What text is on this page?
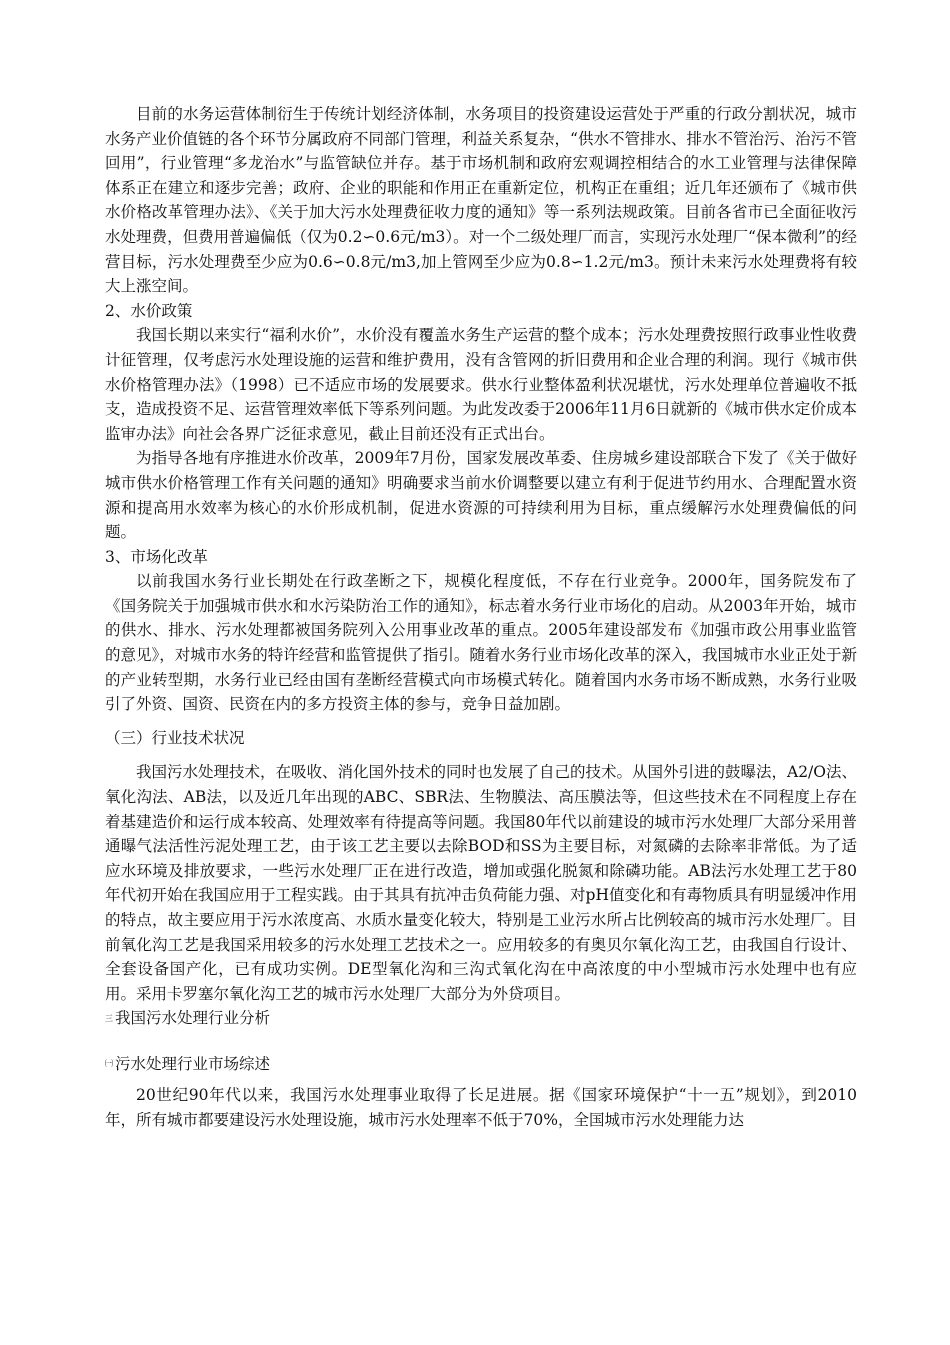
目前的水务运营体制衍生于传统计划经济体制，水务项目的投资建设运营处于严重的行政分割状况，城市水务产业价值链的各个环节分属政府不同部门管理，利益关系复杂，“供水不管排水、排水不管治污、治污不管回用”，行业管理“多龙治水”与监管缺位并存。基于市场机制和政府宏观调控相结合的水工业管理与法律保障体系正在建立和逐步完善；政府、企业的职能和作用正在重新定位，机构正在重组；近几年还颁布了《城市供水价格改革管理办法》、《关于加大污水处理费征收力度的通知》等一系列法规政策。目前各省市已全面征收污水处理费，但费用普遍偏低（仅为0.2∽0.6元/m3）。对一个二级处理厂而言，实现污水处理厂“保本微利”的经营目标，污水处理费至少应为0.6∽0.8元/m3,加上管网至少应为0.8∽1.2元/m3。预计未来污水处理费将有较大上涨空间。

2、水价政策

我国长期以来实行“福利水价”，水价没有覆盖水务生产运营的整个成本；污水处理费按照行政事业性收费计征管理，仅考虑污水处理设施的运营和维护费用，没有含管网的折旧费用和企业合理的利润。现行《城市供水价格管理办法》（1998）已不适应市场的发展要求。供水行业整体盈利状况堪忧，污水处理单位普遍收不抵支，造成投资不足、运营管理效率低下等系列问题。为此发改委于2006年11月6日就新的《城市供水定价成本监审办法》向社会各界广泛征求意见，截止目前还没有正式出台。

为指导各地有序推进水价改革，2009年7月份，国家发展改革委、住房城乡建设部联合下发了《关于做好城市供水价格管理工作有关问题的通知》明确要求当前水价调整要以建立有利于促进节约用水、合理配置水资源和提高用水效率为核心的水价形成机制，促进水资源的可持续利用为目标，重点缓解污水处理费偏低的问题。

3、市场化改革

以前我国水务行业长期处在行政垄断之下，规模化程度低，不存在行业竞争。2000年，国务院发布了《国务院关于加强城市供水和水污染防治工作的通知》，标志着水务行业市场化的启动。从2003年开始，城市的供水、排水、污水处理都被国务院列入公用事业改革的重点。2005年建设部发布《加强市政公用事业监管的意见》，对城市水务的特许经营和监管提供了指引。随着水务行业市场化改革的深入，我国城市水业正处于新的产业转型期，水务行业已经由国有垄断经营模式向市场模式转化。随着国内水务市场不断成熟，水务行业吸引了外资、国资、民资在内的多方投资主体的参与，竞争日益加剧。

（三）行业技术状况

我国污水处理技术，在吸收、消化国外技术的同时也发展了自己的技术。从国外引进的鼓曝法，A2/O法、氧化沟法、AB法，以及近几年出现的ABC、SBR法、生物膜法、高压膜法等，但这些技术在不同程度上存在着基建造价和运行成本较高、处理效率有待提高等问题。我国80年代以前建设的城市污水处理厂大部分采用普通曝气法活性污泥处理工艺，由于该工艺主要以去除BOD和SS为主要目标，对氮磷的去除率非常低。为了适应水环境及排放要求，一些污水处理厂正在进行改造，增加或强化脱氮和除磷功能。AB法污水处理工艺于80年代初开始在我国应用于工程实践。由于其具有抗冲击负荷能力强、对pH值变化和有毒物质具有明显缓冲作用的特点，故主要应用于污水浓度高、水质水量变化较大，特别是工业污水所占比例较高的城市污水处理厂。目前氧化沟工艺是我国采用较多的污水处理工艺技术之一。应用较多的有奥贝尔氧化沟工艺，由我国自行设计、全套设备国产化，已有成功实例。DE型氧化沟和三沟式氧化沟在中高浓度的中小型城市污水处理中也有应用。采用卡罗塞尔氧化沟工艺的城市污水处理厂大部分为外贷项目。

三 我国污水处理行业分析

㈠ 污水处理行业市场综述

20世纪90年代以来，我国污水处理事业取得了长足进展。据《国家环境保护“十一五”规划》，到2010年，所有城市都要建设污水处理设施，城市污水处理率不低于70%，全国城市污水处理能力达
